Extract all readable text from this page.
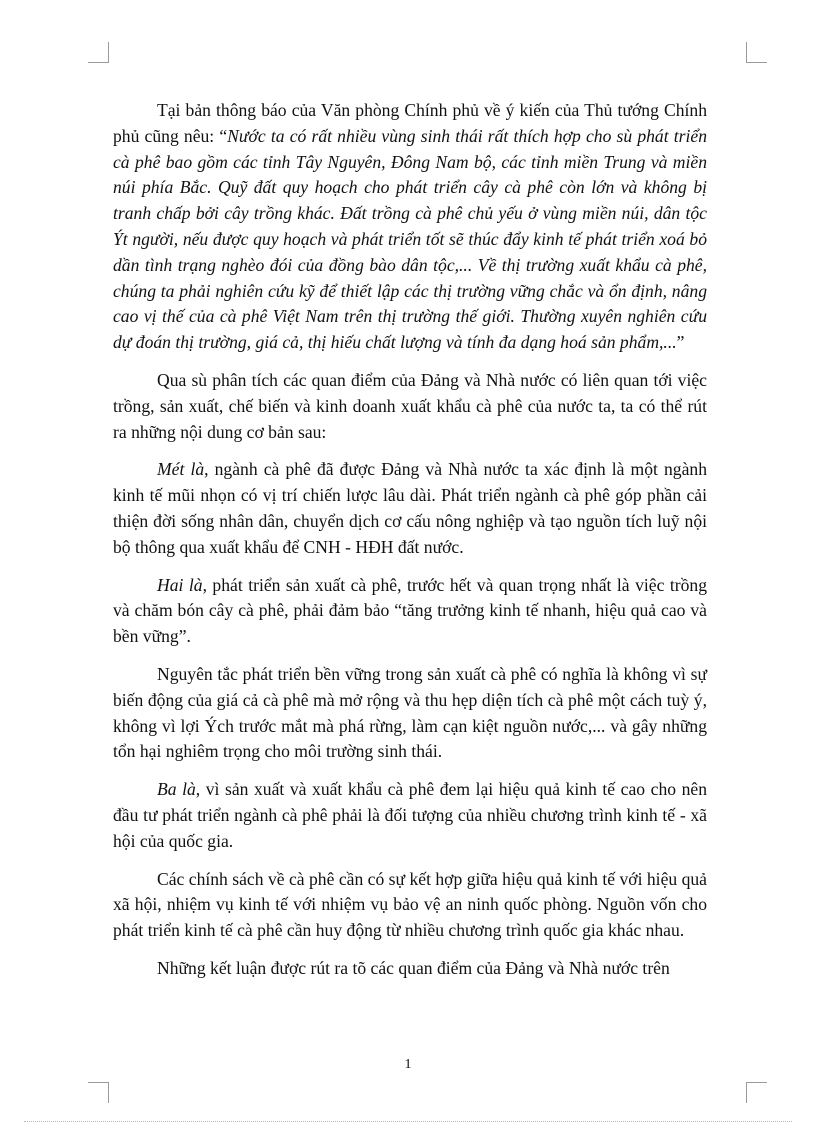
Tại bản thông báo của Văn phòng Chính phủ về ý kiến của Thủ tướng Chính phủ cũng nêu: “Nước ta có rất nhiều vùng sinh thái rất thích hợp cho sù phát triển cà phê bao gồm các tỉnh Tây Nguyên, Đông Nam bộ, các tỉnh miền Trung và miền núi phía Bắc. Quỹ đất quy hoạch cho phát triển cây cà phê còn lớn và không bị tranh chấp bởi cây trồng khác. Đất trồng cà phê chủ yếu ở vùng miền núi, dân tộc Ýt người, nếu được quy hoạch và phát triển tốt sẽ thúc đẩy kinh tế phát triển xoá bỏ dần tình trạng nghèo đói của đồng bào dân tộc,... Về thị trường xuất khẩu cà phê, chúng ta phải nghiên cứu kỹ để thiết lập các thị trường vững chắc và ổn định, nâng cao vị thế của cà phê Việt Nam trên thị trường thế giới. Thường xuyên nghiên cứu dự đoán thị trường, giá cả, thị hiếu chất lượng và tính đa dạng hoá sản phẩm,...”

Qua sù phân tích các quan điểm của Đảng và Nhà nước có liên quan tới việc trồng, sản xuất, chế biến và kinh doanh xuất khẩu cà phê của nước ta, ta có thể rút ra những nội dung cơ bản sau:

Mét là, ngành cà phê đã được Đảng và Nhà nước ta xác định là một ngành kinh tế mũi nhọn có vị trí chiến lược lâu dài. Phát triển ngành cà phê góp phần cải thiện đời sống nhân dân, chuyển dịch cơ cấu nông nghiệp và tạo nguồn tích luỹ nội bộ thông qua xuất khẩu để CNH - HĐH đất nước.

Hai là, phát triển sản xuất cà phê, trước hết và quan trọng nhất là việc trồng và chăm bón cây cà phê, phải đảm bảo “tăng trưởng kinh tế nhanh, hiệu quả cao và bền vững”.

Nguyên tắc phát triển bền vững trong sản xuất cà phê có nghĩa là không vì sự biến động của giá cả cà phê mà mở rộng và thu hẹp diện tích cà phê một cách tuỳ ý, không vì lợi Ých trước mắt mà phá rừng, làm cạn kiệt nguồn nước,... và gây những tổn hại nghiêm trọng cho môi trường sinh thái.

Ba là, vì sản xuất và xuất khẩu cà phê đem lại hiệu quả kinh tế cao cho nên đầu tư phát triển ngành cà phê phải là đối tượng của nhiều chương trình kinh tế - xã hội của quốc gia.

Các chính sách về cà phê cần có sự kết hợp giữa hiệu quả kinh tế với hiệu quả xã hội, nhiệm vụ kinh tế với nhiệm vụ bảo vệ an ninh quốc phòng. Nguồn vốn cho phát triển kinh tế cà phê cần huy động từ nhiều chương trình quốc gia khác nhau.

Những kết luận được rút ra tõ các quan điểm của Đảng và Nhà nước trên

1
